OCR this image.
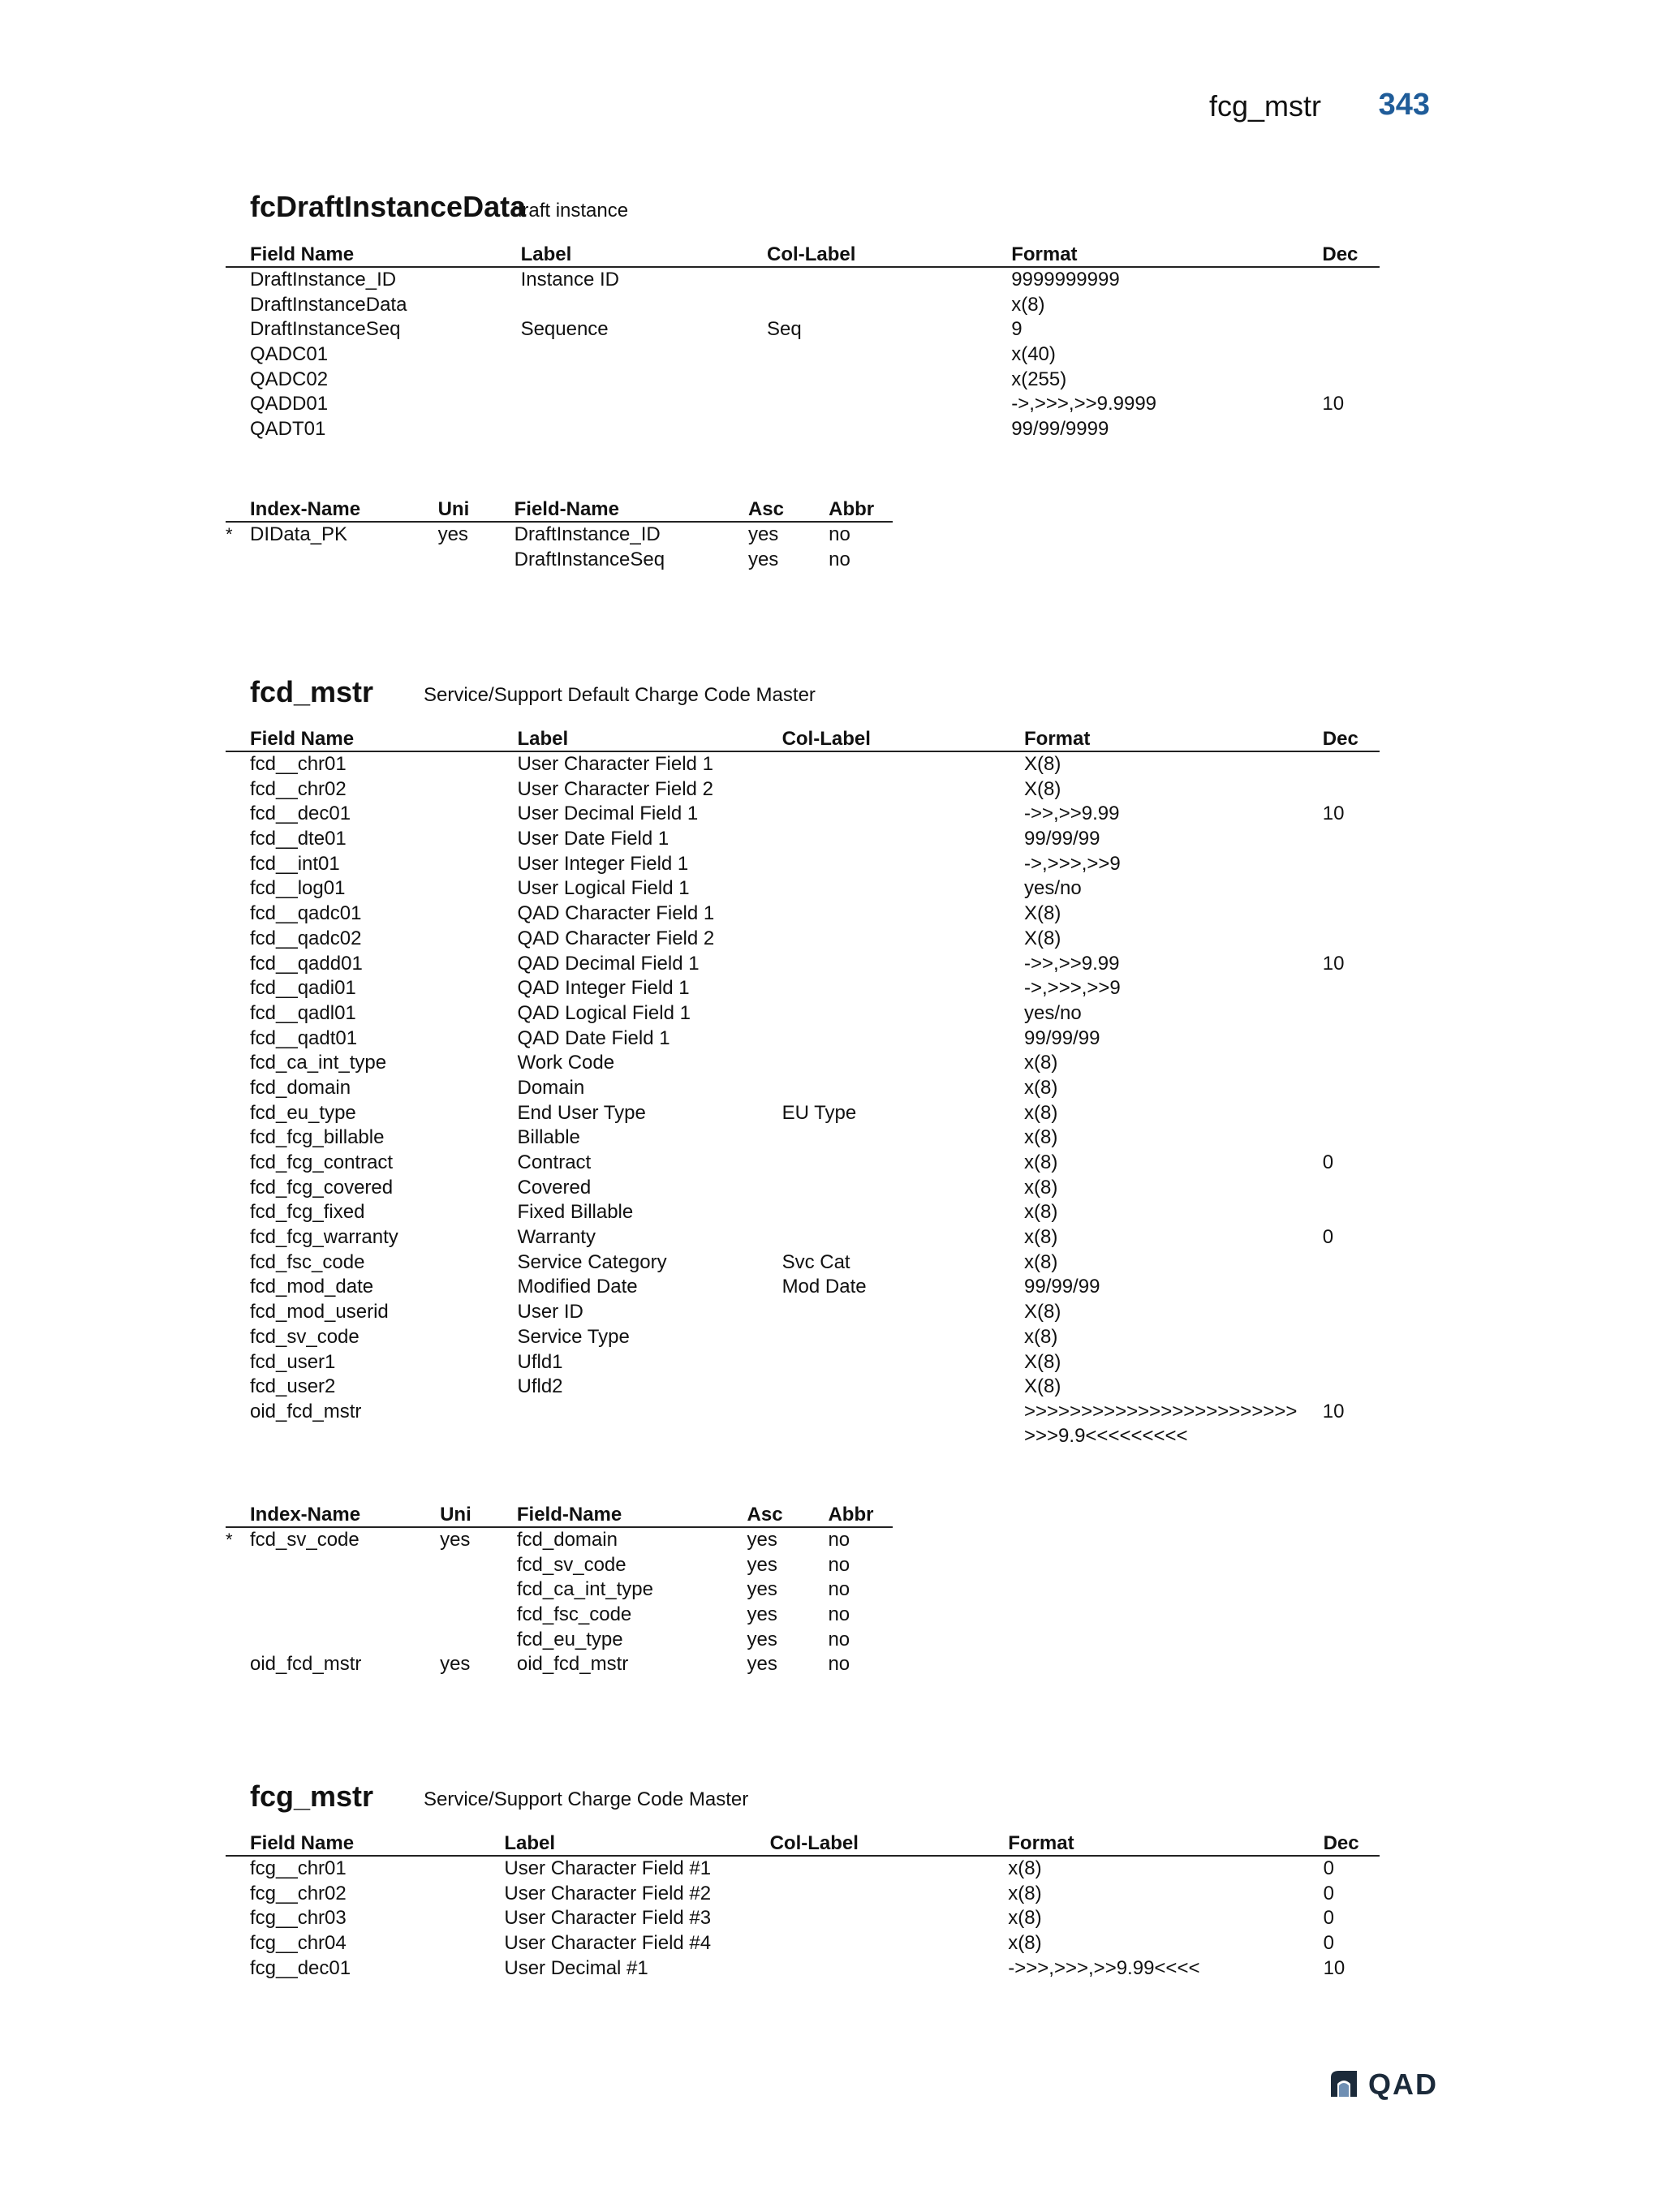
fcg_mstr 343
fcDraftInstanceData
draft instance
Field Name	Label	Col-Label	Format	Dec
DraftInstance_ID	Instance ID		9999999999	
DraftInstanceData			x(8)	
DraftInstanceSeq	Sequence	Seq	9	
QADC01			x(40)	
QADC02			x(255)	
QADD01			->,>>>,>>9.9999	10
QADT01			99/99/9999	
Index-Name	Uni	Field-Name	Asc	Abbr
* DIData_PK	yes	DraftInstance_ID	yes	no
		DraftInstanceSeq	yes	no
fcd_mstr	Service/Support Default Charge Code Master
Field Name	Label	Col-Label	Format	Dec
fcd__chr01	User Character Field 1		X(8)	
fcd__chr02	User Character Field 2		X(8)	
fcd__dec01	User Decimal Field 1		->>,>>9.99	10
fcd__dte01	User Date Field 1		99/99/99	
fcd__int01	User Integer Field 1		->,>>>,>>9	
fcd__log01	User Logical Field 1		yes/no	
fcd__qadc01	QAD Character Field 1		X(8)	
fcd__qadc02	QAD Character Field 2		X(8)	
fcd__qadd01	QAD Decimal Field 1		->>,>>9.99	10
fcd__qadi01	QAD Integer Field 1		->,>>>,>>9	
fcd__qadl01	QAD Logical Field 1		yes/no	
fcd__qadt01	QAD Date Field 1		99/99/99	
fcd_ca_int_type	Work Code		x(8)	
fcd_domain	Domain		x(8)	
fcd_eu_type	End User Type	EU Type	x(8)	
fcd_fcg_billable	Billable		x(8)	
fcd_fcg_contract	Contract		x(8)	0
fcd_fcg_covered	Covered		x(8)	
fcd_fcg_fixed	Fixed Billable		x(8)	
fcd_fcg_warranty	Warranty		x(8)	0
fcd_fsc_code	Service Category	Svc Cat	x(8)	
fcd_mod_date	Modified Date	Mod Date	99/99/99	
fcd_mod_userid	User ID		X(8)	
fcd_sv_code	Service Type		x(8)	
fcd_user1	Ufld1		X(8)	
fcd_user2	Ufld2		X(8)	
oid_fcd_mstr			>>>>>>>>>>>>>>>>>>>>>>>>>>>9.9<<<<<<<<<	10
Index-Name	Uni	Field-Name	Asc	Abbr
* fcd_sv_code	yes	fcd_domain	yes	no
		fcd_sv_code	yes	no
		fcd_ca_int_type	yes	no
		fcd_fsc_code	yes	no
		fcd_eu_type	yes	no
oid_fcd_mstr	yes	oid_fcd_mstr	yes	no
fcg_mstr	Service/Support Charge Code Master
Field Name	Label	Col-Label	Format	Dec
fcg__chr01	User Character Field #1		x(8)	0
fcg__chr02	User Character Field #2		x(8)	0
fcg__chr03	User Character Field #3		x(8)	0
fcg__chr04	User Character Field #4		x(8)	0
fcg__dec01	User Decimal #1		->>>,>>>,>>9.99<<<<	10
QAD
